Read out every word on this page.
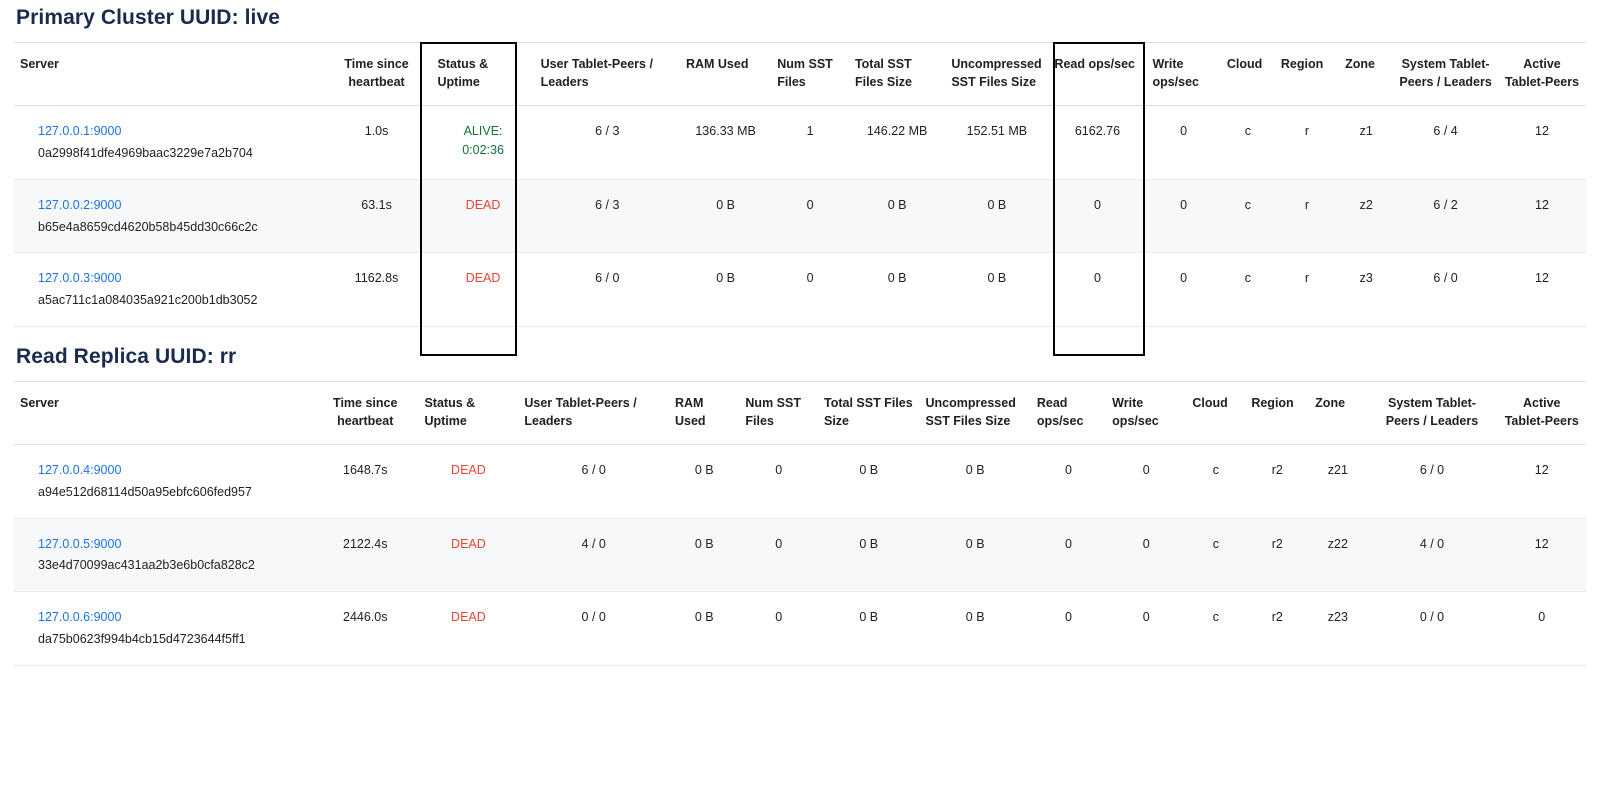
Primary Cluster UUID: live
Server	Time since heartbeat	Status & Uptime	User Tablet-Peers / Leaders	RAM Used	Num SST Files	Total SST Files Size	Uncompressed SST Files Size	Read ops/sec	Write ops/sec	Cloud	Region	Zone	System Tablet-Peers / Leaders	Active Tablet-Peers

127.0.0.1:9000
0a2998f41dfe4969baac3229e7a2b704	1.0s	ALIVE:
0:02:36	6 / 3	136.33 MB	1	146.22 MB	152.51 MB	6162.76	0	c	r	z1	6 / 4	12

127.0.0.2:9000
b65e4a8659cd4620b58b45dd30c66c2c	63.1s	DEAD	6 / 3	0 B	0	0 B	0 B	0	0	c	r	z2	6 / 2	12

127.0.0.3:9000
a5ac711c1a084035a921c200b1db3052	1162.8s	DEAD	6 / 0	0 B	0	0 B	0 B	0	0	c	r	z3	6 / 0	12
Read Replica UUID: rr
Server	Time since heartbeat	Status & Uptime	User Tablet-Peers / Leaders	RAM Used	Num SST Files	Total SST Files Size	Uncompressed SST Files Size	Read ops/sec	Write ops/sec	Cloud	Region	Zone	System Tablet-Peers / Leaders	Active Tablet-Peers

127.0.0.4:9000
a94e512d68114d50a95ebfc606fed957	1648.7s	DEAD	6 / 0	0 B	0	0 B	0 B	0	0	c	r2	z21	6 / 0	12

127.0.0.5:9000
33e4d70099ac431aa2b3e6b0cfa828c2	2122.4s	DEAD	4 / 0	0 B	0	0 B	0 B	0	0	c	r2	z22	4 / 0	12

127.0.0.6:9000
da75b0623f994b4cb15d4723644f5ff1	2446.0s	DEAD	0 / 0	0 B	0	0 B	0 B	0	0	c	r2	z23	0 / 0	0
